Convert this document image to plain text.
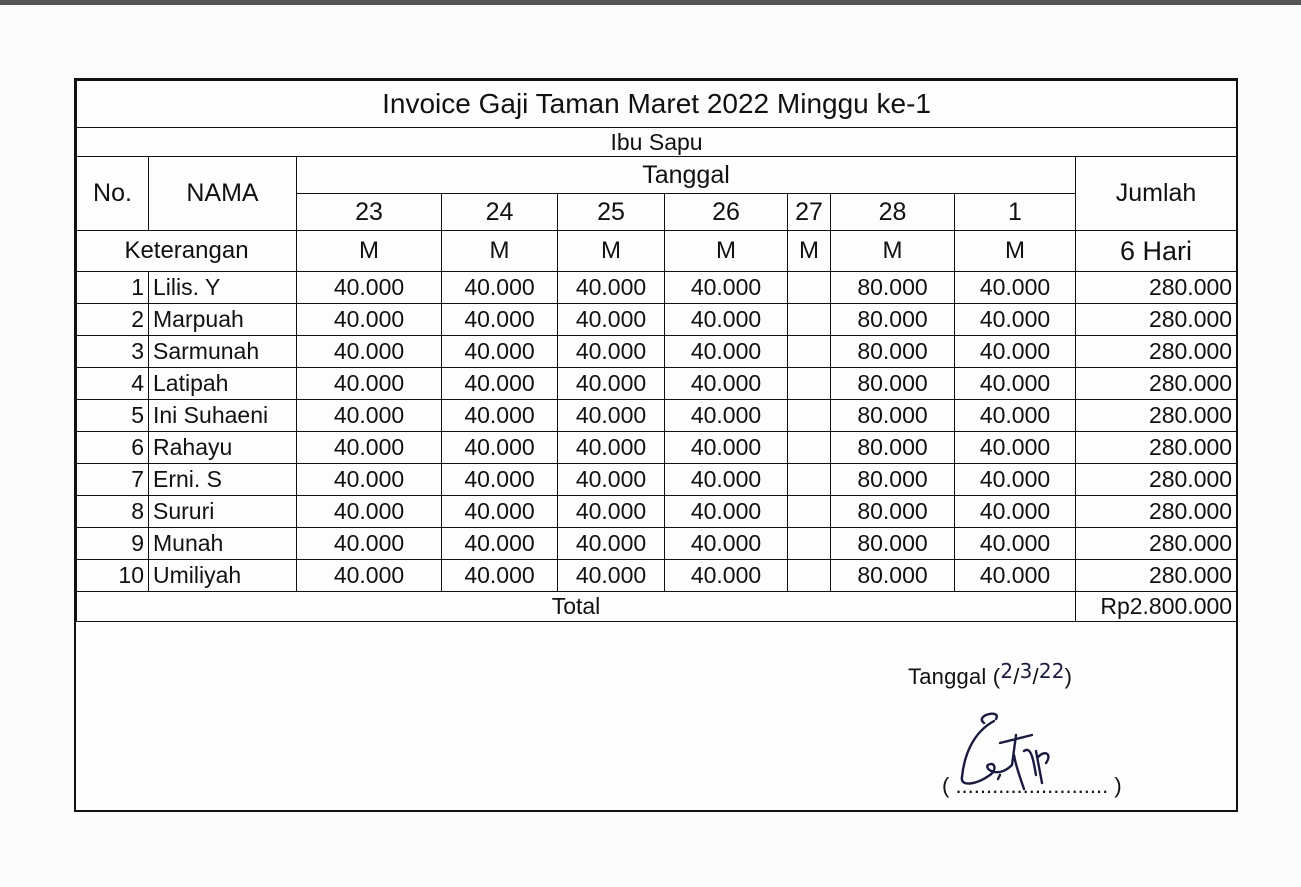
Invoice Gaji Taman Maret 2022 Minggu ke-1									
Ibu Sapu									
No.	NAMA	Tanggal							Jumlah
		23	24	25	26	27	28	1	
Keterangan		M	M	M	M	M	M	M	6 Hari
1	Lilis. Y	40.000	40.000	40.000	40.000		80.000	40.000	280.000
2	Marpuah	40.000	40.000	40.000	40.000		80.000	40.000	280.000
3	Sarmunah	40.000	40.000	40.000	40.000		80.000	40.000	280.000
4	Latipah	40.000	40.000	40.000	40.000		80.000	40.000	280.000
5	Ini Suhaeni	40.000	40.000	40.000	40.000		80.000	40.000	280.000
6	Rahayu	40.000	40.000	40.000	40.000		80.000	40.000	280.000
7	Erni. S	40.000	40.000	40.000	40.000		80.000	40.000	280.000
8	Sururi	40.000	40.000	40.000	40.000		80.000	40.000	280.000
9	Munah	40.000	40.000	40.000	40.000		80.000	40.000	280.000
10	Umiliyah	40.000	40.000	40.000	40.000		80.000	40.000	280.000
Total									Rp2.800.000
Tanggal (2/3/22)
( ......................... )
